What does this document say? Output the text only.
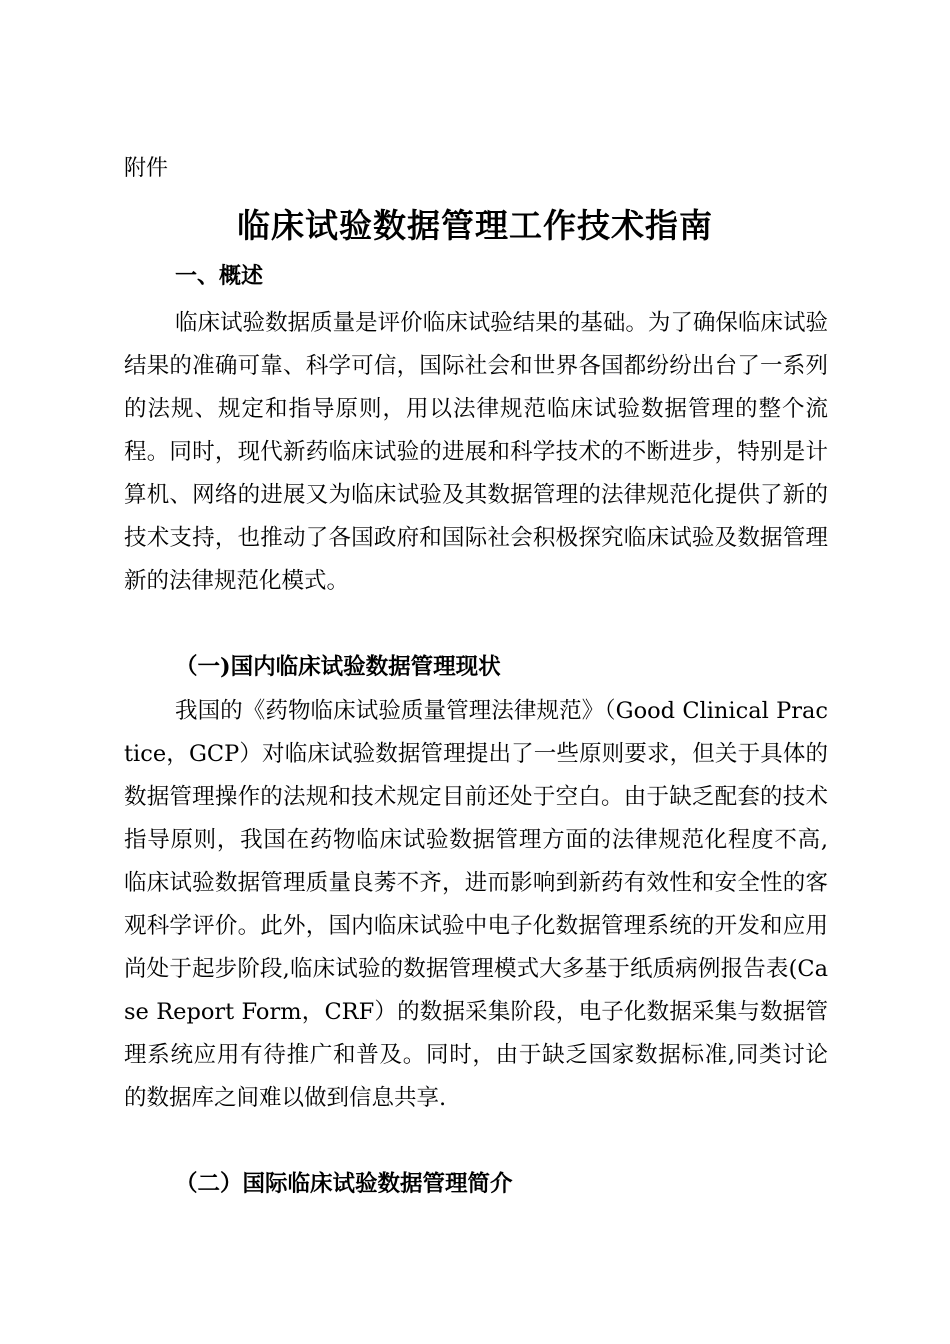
附件

临床试验数据管理工作技术指南
一、概述

临床试验数据质量是评价临床试验结果的基础。为了确保临床试验结果的准确可靠、科学可信，国际社会和世界各国都纷纷出台了一系列的法规、规定和指导原则，用以法律规范临床试验数据管理的整个流程。同时，现代新药临床试验的进展和科学技术的不断进步，特别是计算机、网络的进展又为临床试验及其数据管理的法律规范化提供了新的技术支持，也推动了各国政府和国际社会积极探究临床试验及数据管理新的法律规范化模式。

（一)国内临床试验数据管理现状

我国的《药物临床试验质量管理法律规范》（Good Clinical Practice，GCP）对临床试验数据管理提出了一些原则要求，但关于具体的数据管理操作的法规和技术规定目前还处于空白。由于缺乏配套的技术指导原则，我国在药物临床试验数据管理方面的法律规范化程度不高,临床试验数据管理质量良莠不齐，进而影响到新药有效性和安全性的客观科学评价。此外，国内临床试验中电子化数据管理系统的开发和应用尚处于起步阶段,临床试验的数据管理模式大多基于纸质病例报告表(Case Report Form，CRF）的数据采集阶段，电子化数据采集与数据管理系统应用有待推广和普及。同时，由于缺乏国家数据标准,同类讨论的数据库之间难以做到信息共享.

（二）国际临床试验数据管理简介
